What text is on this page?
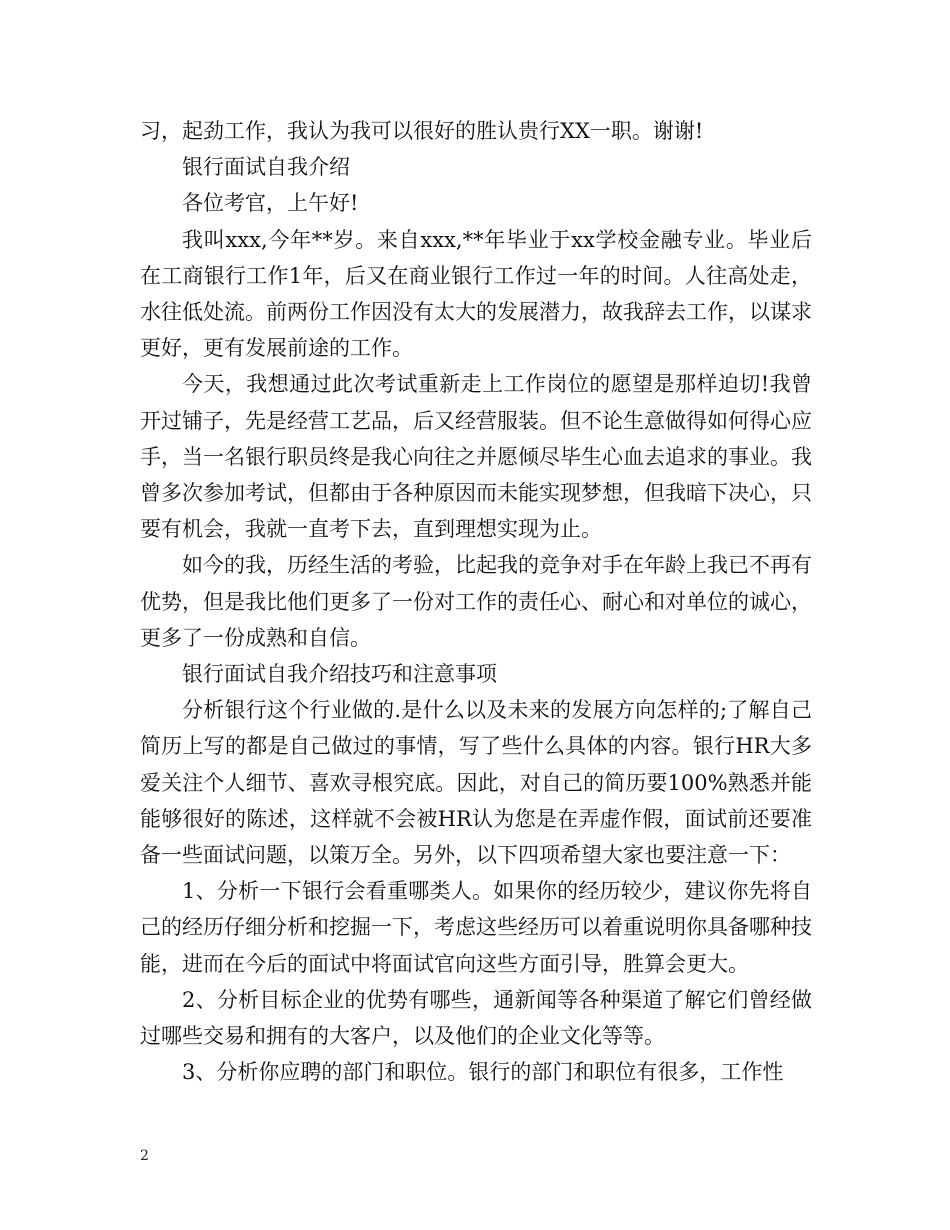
习，起劲工作，我认为我可以很好的胜认贵行XX一职。谢谢!

银行面试自我介绍

各位考官，上午好!

我叫xxx,今年**岁。来自xxx,**年毕业于xx学校金融专业。毕业后在工商银行工作1年，后又在商业银行工作过一年的时间。人往高处走，水往低处流。前两份工作因没有太大的发展潜力，故我辞去工作，以谋求更好，更有发展前途的工作。

今天，我想通过此次考试重新走上工作岗位的愿望是那样迫切!我曾开过铺子，先是经营工艺品，后又经营服装。但不论生意做得如何得心应手，当一名银行职员终是我心向往之并愿倾尽毕生心血去追求的事业。我曾多次参加考试，但都由于各种原因而未能实现梦想，但我暗下决心，只要有机会，我就一直考下去，直到理想实现为止。

如今的我，历经生活的考验，比起我的竞争对手在年龄上我已不再有优势，但是我比他们更多了一份对工作的责任心、耐心和对单位的诚心，更多了一份成熟和自信。

银行面试自我介绍技巧和注意事项

分析银行这个行业做的.是什么以及未来的发展方向怎样的;了解自己简历上写的都是自己做过的事情，写了些什么具体的内容。银行HR大多爱关注个人细节、喜欢寻根究底。因此，对自己的简历要100%熟悉并能能够很好的陈述，这样就不会被HR认为您是在弄虚作假，面试前还要准备一些面试问题，以策万全。另外，以下四项希望大家也要注意一下：

1、分析一下银行会看重哪类人。如果你的经历较少，建议你先将自己的经历仔细分析和挖掘一下，考虑这些经历可以着重说明你具备哪种技能，进而在今后的面试中将面试官向这些方面引导，胜算会更大。

2、分析目标企业的优势有哪些，通新闻等各种渠道了解它们曾经做过哪些交易和拥有的大客户，以及他们的企业文化等等。

3、分析你应聘的部门和职位。银行的部门和职位有很多，工作性

2
